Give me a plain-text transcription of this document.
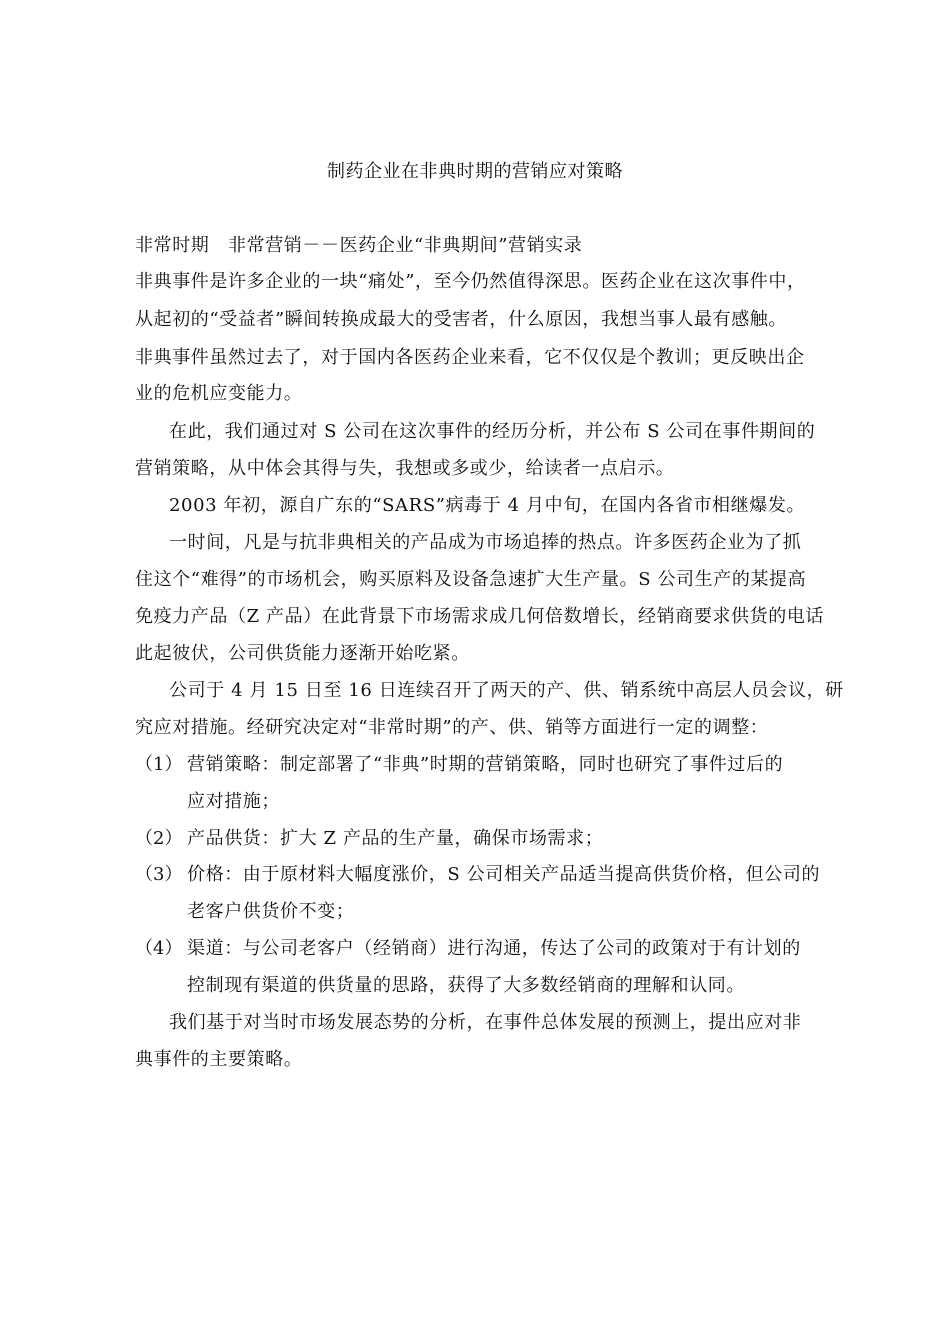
制药企业在非典时期的营销应对策略
非常时期　非常营销－－医药企业“非典期间”营销实录
非典事件是许多企业的一块“痛处”，至今仍然值得深思。医药企业在这次事件中，
从起初的“受益者”瞬间转换成最大的受害者，什么原因，我想当事人最有感触。
非典事件虽然过去了，对于国内各医药企业来看，它不仅仅是个教训；更反映出企
业的危机应变能力。
在此，我们通过对 S 公司在这次事件的经历分析，并公布 S 公司在事件期间的
营销策略，从中体会其得与失，我想或多或少，给读者一点启示。
2003 年初，源自广东的“SARS”病毒于 4 月中旬，在国内各省市相继爆发。
一时间，凡是与抗非典相关的产品成为市场追捧的热点。许多医药企业为了抓
住这个“难得”的市场机会，购买原料及设备急速扩大生产量。S 公司生产的某提高
免疫力产品（Z 产品）在此背景下市场需求成几何倍数增长，经销商要求供货的电话
此起彼伏，公司供货能力逐渐开始吃紧。
公司于 4 月 15 日至 16 日连续召开了两天的产、供、销系统中高层人员会议，研
究应对措施。经研究决定对“非常时期”的产、供、销等方面进行一定的调整：
（1） 营销策略：制定部署了“非典”时期的营销策略，同时也研究了事件过后的
应对措施；
（2） 产品供货：扩大 Z 产品的生产量，确保市场需求；
（3） 价格：由于原材料大幅度涨价，S 公司相关产品适当提高供货价格，但公司的
老客户供货价不变；
（4） 渠道：与公司老客户（经销商）进行沟通，传达了公司的政策对于有计划的
控制现有渠道的供货量的思路，获得了大多数经销商的理解和认同。
我们基于对当时市场发展态势的分析，在事件总体发展的预测上，提出应对非
典事件的主要策略。
